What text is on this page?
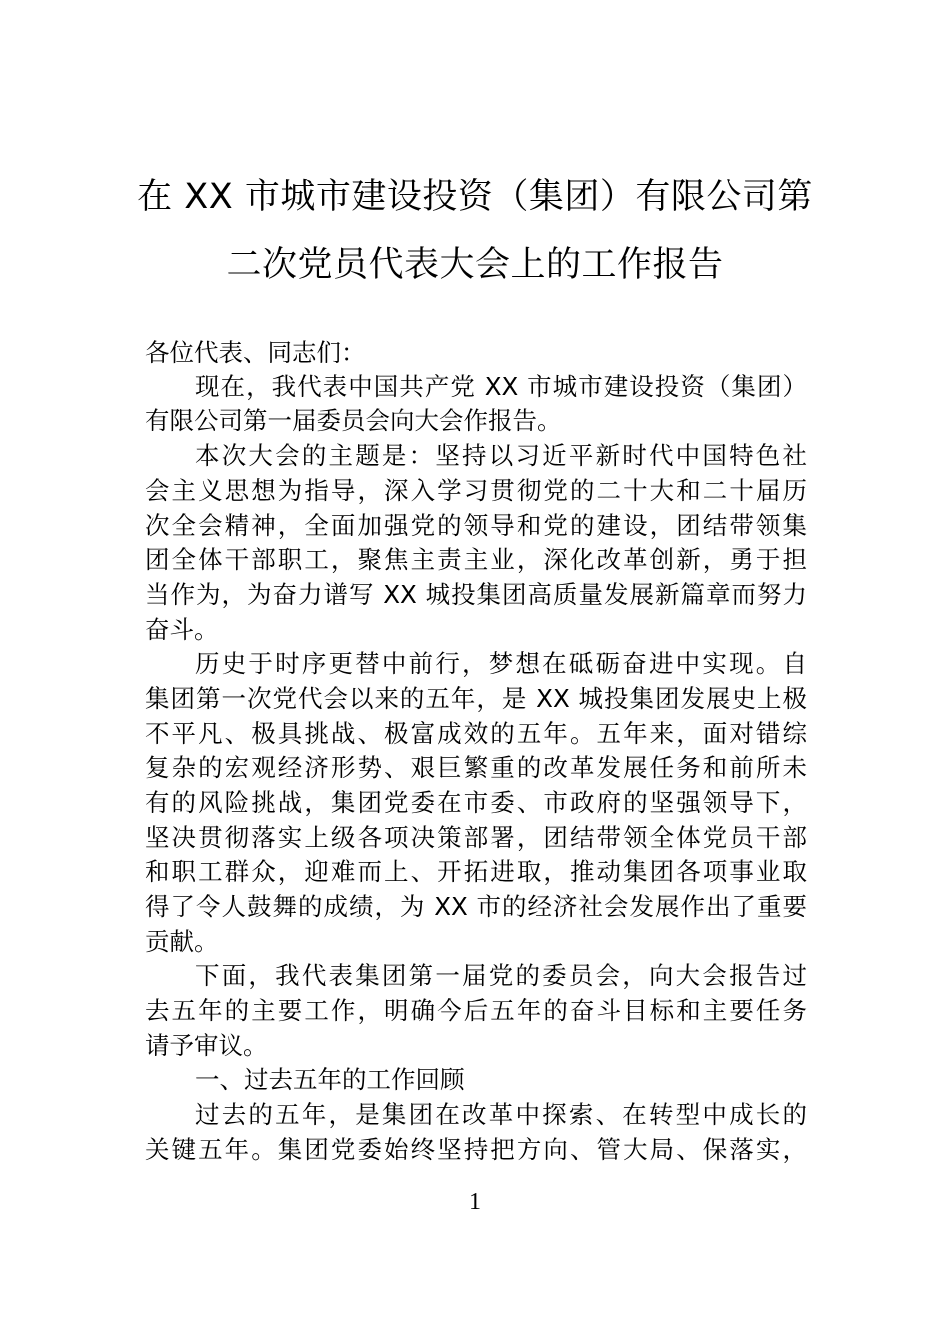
在 XX 市城市建设投资（集团）有限公司第
二次党员代表大会上的工作报告
各位代表、同志们：
现在，我代表中国共产党 XX 市城市建设投资（集团）
有限公司第一届委员会向大会作报告。
本次大会的主题是：坚持以习近平新时代中国特色社
会主义思想为指导，深入学习贯彻党的二十大和二十届历
次全会精神，全面加强党的领导和党的建设，团结带领集
团全体干部职工，聚焦主责主业，深化改革创新，勇于担
当作为，为奋力谱写 XX 城投集团高质量发展新篇章而努力
奋斗。
历史于时序更替中前行，梦想在砥砺奋进中实现。自
集团第一次党代会以来的五年，是 XX 城投集团发展史上极
不平凡、极具挑战、极富成效的五年。五年来，面对错综
复杂的宏观经济形势、艰巨繁重的改革发展任务和前所未
有的风险挑战，集团党委在市委、市政府的坚强领导下，
坚决贯彻落实上级各项决策部署，团结带领全体党员干部
和职工群众，迎难而上、开拓进取，推动集团各项事业取
得了令人鼓舞的成绩，为 XX 市的经济社会发展作出了重要
贡献。
下面，我代表集团第一届党的委员会，向大会报告过
去五年的主要工作，明确今后五年的奋斗目标和主要任务
请予审议。
一、过去五年的工作回顾
过去的五年，是集团在改革中探索、在转型中成长的
关键五年。集团党委始终坚持把方向、管大局、保落实，
1
